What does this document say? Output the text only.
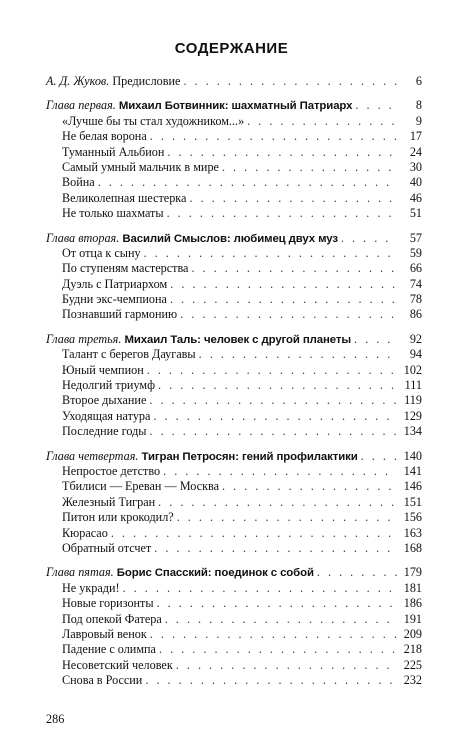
СОДЕРЖАНИЕ
А. Д. Жуков. Предисловие . . .	6
Глава первая. Михаил Ботвинник: шахматный Патриарх . . .	8
«Лучше бы ты стал художником...» . . .	9
Не белая ворона . . .	17
Туманный Альбион . . .	24
Самый умный мальчик в мире . . .	30
Война . . .	40
Великолепная шестерка . . .	46
Не только шахматы . . .	51
Глава вторая. Василий Смыслов: любимец двух муз . . .	57
От отца к сыну . . .	59
По ступеням мастерства . . .	66
Дуэль с Патриархом . . .	74
Будни экс-чемпиона . . .	78
Познавший гармонию . . .	86
Глава третья. Михаил Таль: человек с другой планеты . . .	92
Талант с берегов Даугавы . . .	94
Юный чемпион . . .	102
Недолгий триумф . . .	111
Второе дыхание . . .	119
Уходящая натура . . .	129
Последние годы . . .	134
Глава четвертая. Тигран Петросян: гений профилактики . . .	140
Непростое детство . . .	141
Тбилиси — Ереван — Москва . . .	146
Железный Тигран . . .	151
Питон или крокодил? . . .	156
Кюрасао . . .	163
Обратный отсчет . . .	168
Глава пятая. Борис Спасский: поединок с собой . . .	179
Не укради! . . .	181
Новые горизонты . . .	186
Под опекой Фатера . . .	191
Лавровый венок . . .	209
Падение с олимпа . . .	218
Несоветский человек . . .	225
Снова в России . . .	232
286
